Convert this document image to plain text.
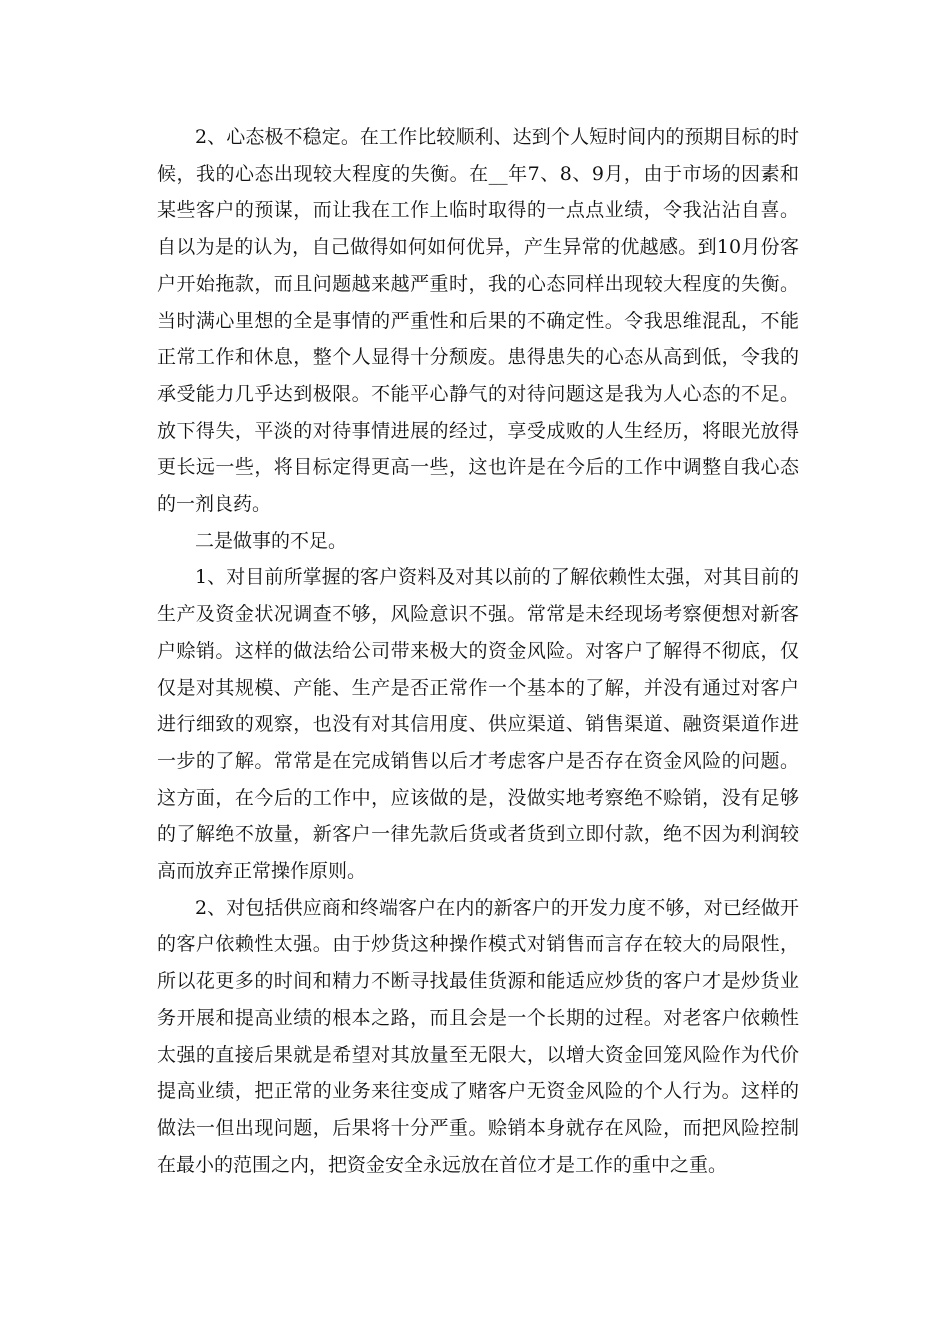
2、心态极不稳定。在工作比较顺利、达到个人短时间内的预期目标的时候，我的心态出现较大程度的失衡。在__年7、8、9月，由于市场的因素和某些客户的预谋，而让我在工作上临时取得的一点点业绩，令我沾沾自喜。自以为是的认为，自己做得如何如何优异，产生异常的优越感。到10月份客户开始拖款，而且问题越来越严重时，我的心态同样出现较大程度的失衡。当时满心里想的全是事情的严重性和后果的不确定性。令我思维混乱，不能正常工作和休息，整个人显得十分颓废。患得患失的心态从高到低，令我的承受能力几乎达到极限。不能平心静气的对待问题这是我为人心态的不足。放下得失，平淡的对待事情进展的经过，享受成败的人生经历，将眼光放得更长远一些，将目标定得更高一些，这也许是在今后的工作中调整自我心态的一剂良药。

二是做事的不足。

1、对目前所掌握的客户资料及对其以前的了解依赖性太强，对其目前的生产及资金状况调查不够，风险意识不强。常常是未经现场考察便想对新客户赊销。这样的做法给公司带来极大的资金风险。对客户了解得不彻底，仅仅是对其规模、产能、生产是否正常作一个基本的了解，并没有通过对客户进行细致的观察，也没有对其信用度、供应渠道、销售渠道、融资渠道作进一步的了解。常常是在完成销售以后才考虑客户是否存在资金风险的问题。这方面，在今后的工作中，应该做的是，没做实地考察绝不赊销，没有足够的了解绝不放量，新客户一律先款后货或者货到立即付款，绝不因为利润较高而放弃正常操作原则。

2、对包括供应商和终端客户在内的新客户的开发力度不够，对已经做开的客户依赖性太强。由于炒货这种操作模式对销售而言存在较大的局限性，所以花更多的时间和精力不断寻找最佳货源和能适应炒货的客户才是炒货业务开展和提高业绩的根本之路，而且会是一个长期的过程。对老客户依赖性太强的直接后果就是希望对其放量至无限大，以增大资金回笼风险作为代价提高业绩，把正常的业务来往变成了赌客户无资金风险的个人行为。这样的做法一但出现问题，后果将十分严重。赊销本身就存在风险，而把风险控制在最小的范围之内，把资金安全永远放在首位才是工作的重中之重。
